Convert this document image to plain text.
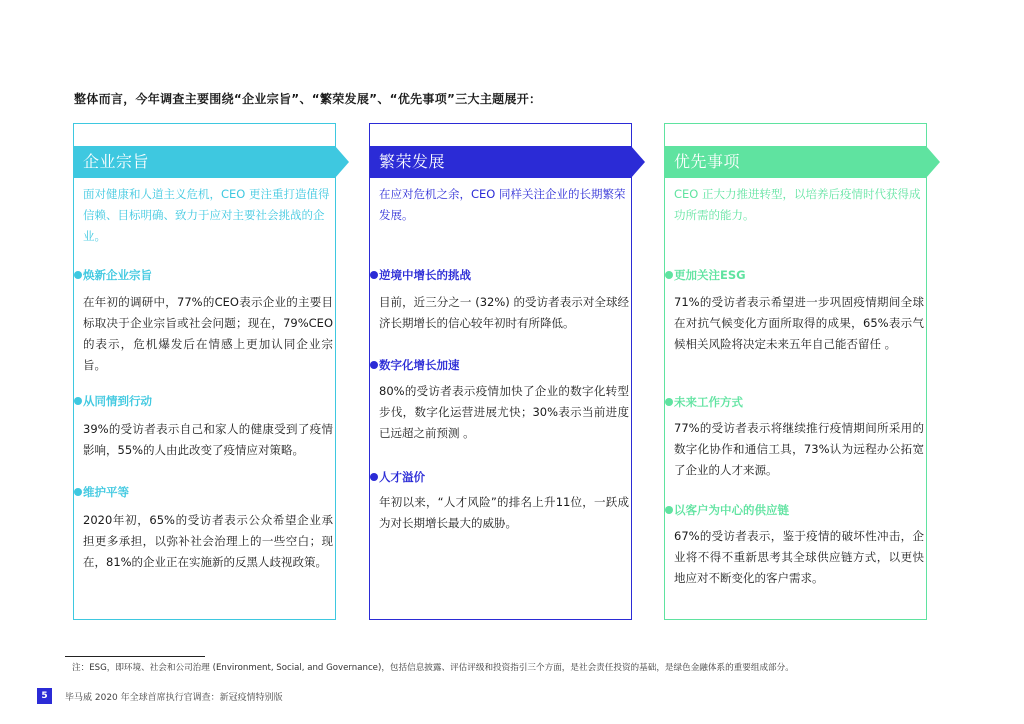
整体而言，今年调查主要围绕“企业宗旨”、“繁荣发展”、“优先事项”三大主题展开：
企业宗旨
面对健康和人道主义危机，CEO 更注重打造值得信赖、目标明确、致力于应对主要社会挑战的企业。
焕新企业宗旨
在年初的调研中，77%的CEO表示企业的主要目标取决于企业宗旨或社会问题；现在，79%CEO的表示，危机爆发后在情感上更加认同企业宗旨。
从同情到行动
39%的受访者表示自己和家人的健康受到了疫情影响，55%的人由此改变了疫情应对策略。
维护平等
2020年初，65%的受访者表示公众希望企业承担更多承担，以弥补社会治理上的一些空白；现在，81%的企业正在实施新的反黑人歧视政策。
繁荣发展
在应对危机之余，CEO 同样关注企业的长期繁荣发展。
逆境中增长的挑战
目前，近三分之一 (32%) 的受访者表示对全球经济长期增长的信心较年初时有所降低。
数字化增长加速
80%的受访者表示疫情加快了企业的数字化转型步伐，数字化运营进展尤快；30%表示当前进度已远超之前预测 。
人才溢价
年初以来，“人才风险”的排名上升11位，一跃成为对长期增长最大的威胁。
优先事项
CEO 正大力推进转型，以培养后疫情时代获得成功所需的能力。
更加关注ESG
71%的受访者表示希望进一步巩固疫情期间全球在对抗气候变化方面所取得的成果，65%表示气候相关风险将决定未来五年自己能否留任 。
未来工作方式
77%的受访者表示将继续推行疫情期间所采用的数字化协作和通信工具，73%认为远程办公拓宽了企业的人才来源。
以客户为中心的供应链
67%的受访者表示，鉴于疫情的破坏性冲击，企业将不得不重新思考其全球供应链方式，以更快地应对不断变化的客户需求。
注：ESG，即环境、社会和公司治理 (Environment, Social, and Governance)，包括信息披露、评估评级和投资指引三个方面，是社会责任投资的基础，是绿色金融体系的重要组成部分。
5	毕马威 2020 年全球首席执行官调查：新冠疫情特别版
